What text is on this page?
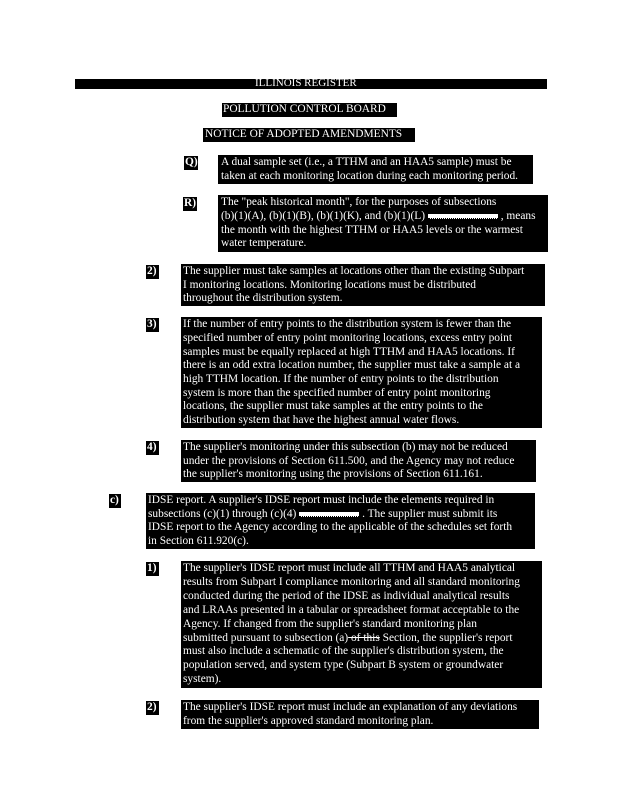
ILLINOIS REGISTER
POLLUTION CONTROL BOARD
NOTICE OF ADOPTED AMENDMENTS
Q) A dual sample set (i.e., a TTHM and an HAA5 sample) must be
taken at each monitoring location during each monitoring period.
R) The "peak historical month", for the purposes of subsections
(b)(1)(A), (b)(1)(B), (b)(1)(K), and (b)(1)(L)	, means
the month with the highest TTHM or HAA5 levels or the warmest
water temperature.
2) The supplier must take samples at locations other than the existing Subpart
I monitoring locations. Monitoring locations must be distributed
throughout the distribution system.
3) If the number of entry points to the distribution system is fewer than the
specified number of entry point monitoring locations, excess entry point
samples must be equally replaced at high TTHM and HAA5 locations. If
there is an odd extra location number, the supplier must take a sample at a
high TTHM location. If the number of entry points to the distribution
system is more than the specified number of entry point monitoring
locations, the supplier must take samples at the entry points to the
distribution system that have the highest annual water flows.
4) The supplier's monitoring under this subsection (b) may not be reduced
under the provisions of Section 611.500, and the Agency may not reduce
the supplier's monitoring using the provisions of Section 611.161.
c)	IDSE report. A supplier's IDSE report must include the elements required in
subsections (c)(1) through (c)(4)	. The supplier must submit its
IDSE report to the Agency according to the applicable of the schedules set forth
in Section 611.920(c).
1) The supplier's IDSE report must include all TTHM and HAA5 analytical
results from Subpart I compliance monitoring and all standard monitoring
conducted during the period of the IDSE as individual analytical results
and LRAAs presented in a tabular or spreadsheet format acceptable to the
Agency. If changed from the supplier's standard monitoring plan
submitted pursuant to subsection (a) of this Section, the supplier's report
must also include a schematic of the supplier's distribution system, the
population served, and system type (Subpart B system or groundwater
system).
2) The supplier's IDSE report must include an explanation of any deviations
from the supplier's approved standard monitoring plan.
